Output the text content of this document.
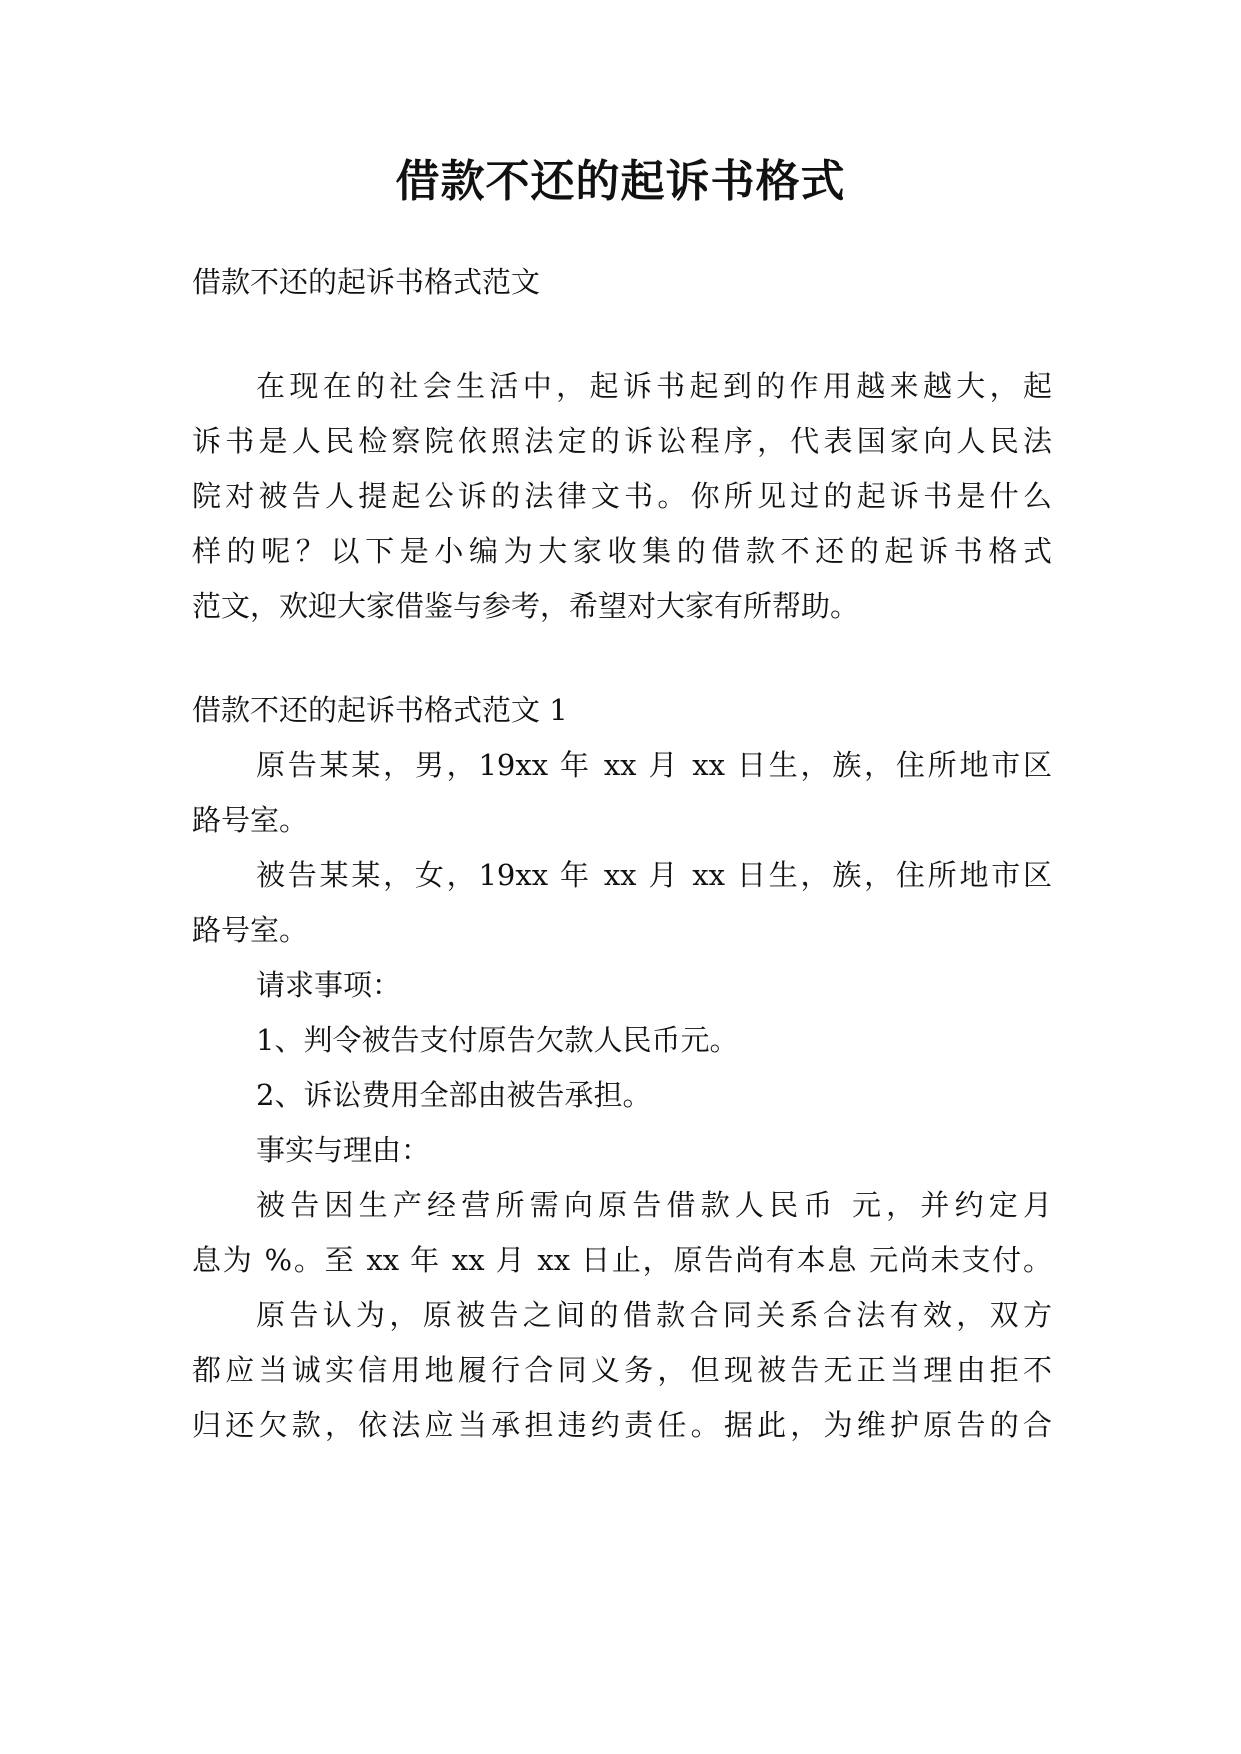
借款不还的起诉书格式
借款不还的起诉书格式范文
在现在的社会生活中，起诉书起到的作用越来越大，起
诉书是人民检察院依照法定的诉讼程序，代表国家向人民法
院对被告人提起公诉的法律文书。你所见过的起诉书是什么
样的呢？以下是小编为大家收集的借款不还的起诉书格式
范文，欢迎大家借鉴与参考，希望对大家有所帮助。
借款不还的起诉书格式范文 1
原告某某，男，19xx 年 xx 月 xx 日生，族，住所地市区
路号室。
被告某某，女，19xx 年 xx 月 xx 日生，族，住所地市区
路号室。
请求事项：
1、判令被告支付原告欠款人民币元。
2、诉讼费用全部由被告承担。
事实与理由：
被告因生产经营所需向原告借款人民币 元，并约定月
息为 %。至 xx 年 xx 月 xx 日止，原告尚有本息 元尚未支付。
原告认为，原被告之间的借款合同关系合法有效，双方
都应当诚实信用地履行合同义务，但现被告无正当理由拒不
归还欠款，依法应当承担违约责任。据此，为维护原告的合
